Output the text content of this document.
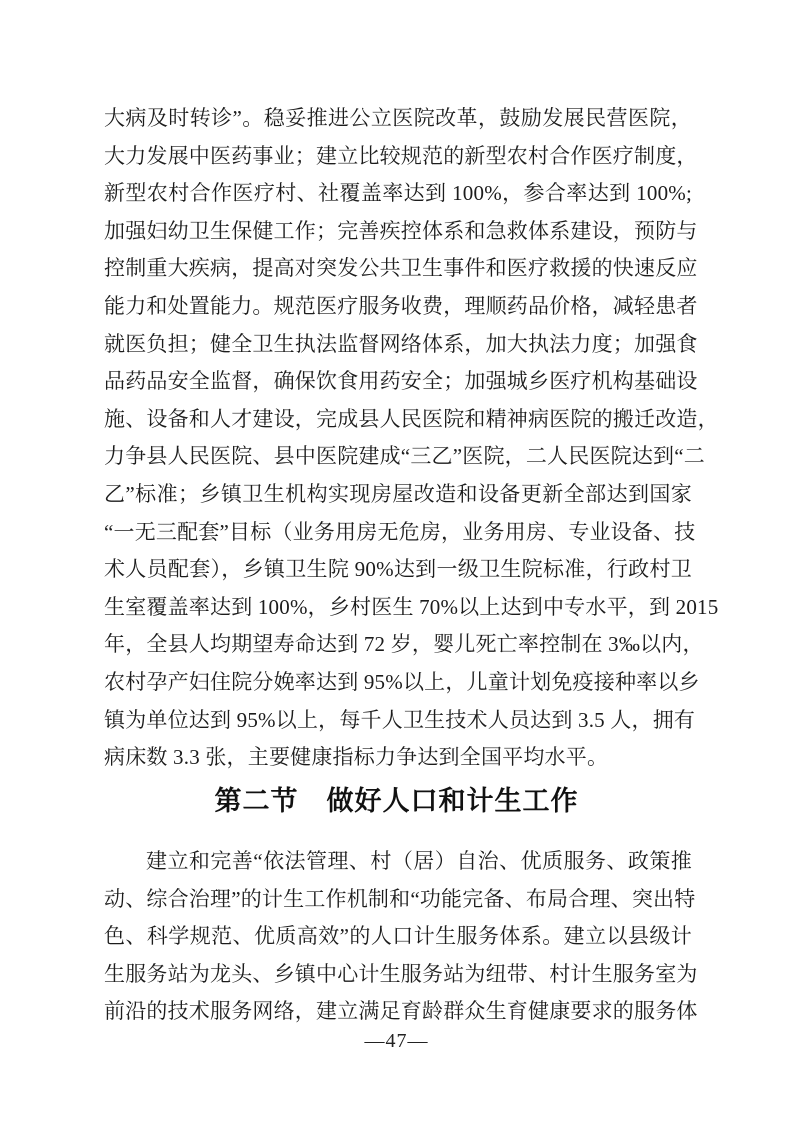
大病及时转诊”。稳妥推进公立医院改革，鼓励发展民营医院，
大力发展中医药事业；建立比较规范的新型农村合作医疗制度，
新型农村合作医疗村、社覆盖率达到 100%，参合率达到 100%;
加强妇幼卫生保健工作；完善疾控体系和急救体系建设，预防与
控制重大疾病，提高对突发公共卫生事件和医疗救援的快速反应
能力和处置能力。规范医疗服务收费，理顺药品价格，减轻患者
就医负担；健全卫生执法监督网络体系，加大执法力度；加强食
品药品安全监督，确保饮食用药安全；加强城乡医疗机构基础设
施、设备和人才建设，完成县人民医院和精神病医院的搬迁改造，
力争县人民医院、县中医院建成“三乙”医院，二人民医院达到“二
乙”标准；乡镇卫生机构实现房屋改造和设备更新全部达到国家
“一无三配套”目标（业务用房无危房，业务用房、专业设备、技
术人员配套），乡镇卫生院 90%达到一级卫生院标准，行政村卫
生室覆盖率达到 100%，乡村医生 70%以上达到中专水平，到 2015
年，全县人均期望寿命达到 72 岁，婴儿死亡率控制在 3‰以内，
农村孕产妇住院分娩率达到 95%以上，儿童计划免疫接种率以乡
镇为单位达到 95%以上，每千人卫生技术人员达到 3.5 人，拥有
病床数 3.3 张，主要健康指标力争达到全国平均水平。
第二节　做好人口和计生工作
建立和完善“依法管理、村（居）自治、优质服务、政策推
动、综合治理”的计生工作机制和“功能完备、布局合理、突出特
色、科学规范、优质高效”的人口计生服务体系。建立以县级计
生服务站为龙头、乡镇中心计生服务站为纽带、村计生服务室为
前沿的技术服务网络，建立满足育龄群众生育健康要求的服务体
—47—
